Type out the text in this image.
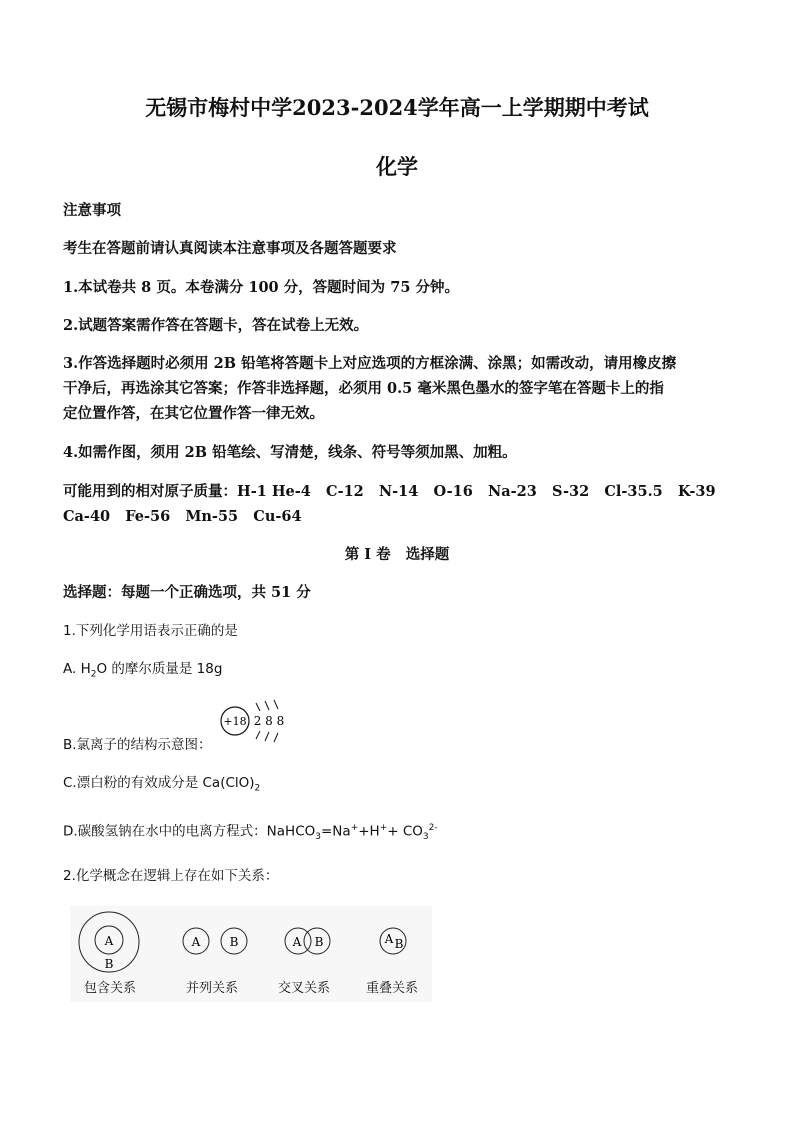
无锡市梅村中学2023-2024学年高一上学期期中考试
化学
注意事项
考生在答题前请认真阅读本注意事项及各题答题要求
1.本试卷共 8 页。本卷满分 100 分，答题时间为 75 分钟。
2.试题答案需作答在答题卡，答在试卷上无效。
3.作答选择题时必须用 2B 铅笔将答题卡上对应选项的方框涂满、涂黑；如需改动，请用橡皮擦
干净后，再选涂其它答案；作答非选择题，必须用 0.5 毫米黑色墨水的签字笔在答题卡上的指
定位置作答，在其它位置作答一律无效。
4.如需作图，须用 2B 铅笔绘、写清楚，线条、符号等须加黑、加粗。
可能用到的相对原子质量：H-1 He-4   C-12   N-14   O-16   Na-23   S-32   Cl-35.5   K-39
Ca-40   Fe-56   Mn-55   Cu-64
第 I 卷   选择题
选择题：每题一个正确选项，共 51 分
1.下列化学用语表示正确的是
A. $H_2O$ 的摩尔质量是 18g
+18 2 8 8
B.氯离子的结构示意图：
C.漂白粉的有效成分是 $Ca(ClO)_2$
D.碳酸氢钠在水中的电离方程式：NaHCO$_3$=Na++H++ $CO_3^{2-}$
2.化学概念在逻辑上存在如下关系：
A
B
A B	A B	A B
包含关系	并列关系	交叉关系	重叠关系
